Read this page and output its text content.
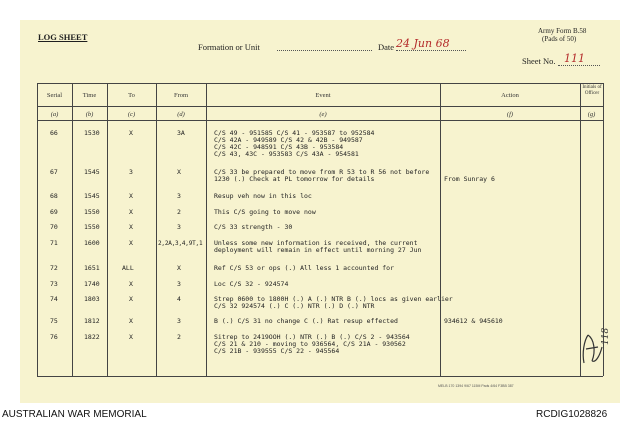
LOG SHEET
Formation or Unit	Date 24 Jun 68
Army Form B.58
(Pads of 50)
Sheet No. 111
Serial	Time	To	From	Event	Action
Initials of Officer
(a)	(b)	(c)	(d)	(e)	(f)	(g)
66	1530	X	3A	C/S 49 - 951585 C/S 41 - 953587 to 952584
C/S 42A - 949589 C/S 42 & 42B - 949587
C/S 42C - 948591 C/S 43B - 953584
C/S 43, 43C - 953583 C/S 43A - 954581
67	1545	3	X	C/S 33 be prepared to move from R 53 to R 56 not before
1230 (.) Check at PL tomorrow for details	From Sunray 6
68	1545	X	3	Resup veh now in this loc
69	1550	X	2	This C/S going to move now
70	1550	X	3	C/S 33 strength - 30
71	1600	X	2,2A,3,4,9T,1 Unless some new information is received, the current
deployment will remain in effect until morning 27 Jun
72	1651	ALL	X	Ref C/S 53 or ops (.) All less 1 accounted for
73	1740	X	3	Loc C/S 32 - 924574
74	1803	X	4	Strep 0600 to 1800H (.) A (.) NTR B (.) locs as given earlier
C/S 32 924574 (.) C (.) NTR (.) D (.) NTR
75	1812	X	3	B (.) C/S 31 no change C (.) Rat resup effected	934612 & 945610
76	1822	X	2	Sitrep to 2419OOH (.) NTR (.) B (.) C/S 2 - 943564
C/S 21 & 210 - moving to 936564, C/S 21A - 930562
C/S 21B - 939555 C/S 22 - 945564
118
MELB 170 1394 9/67 115M Pads 4/64 F3BB 387
AUSTRALIAN WAR MEMORIAL	RCDIG1028826
